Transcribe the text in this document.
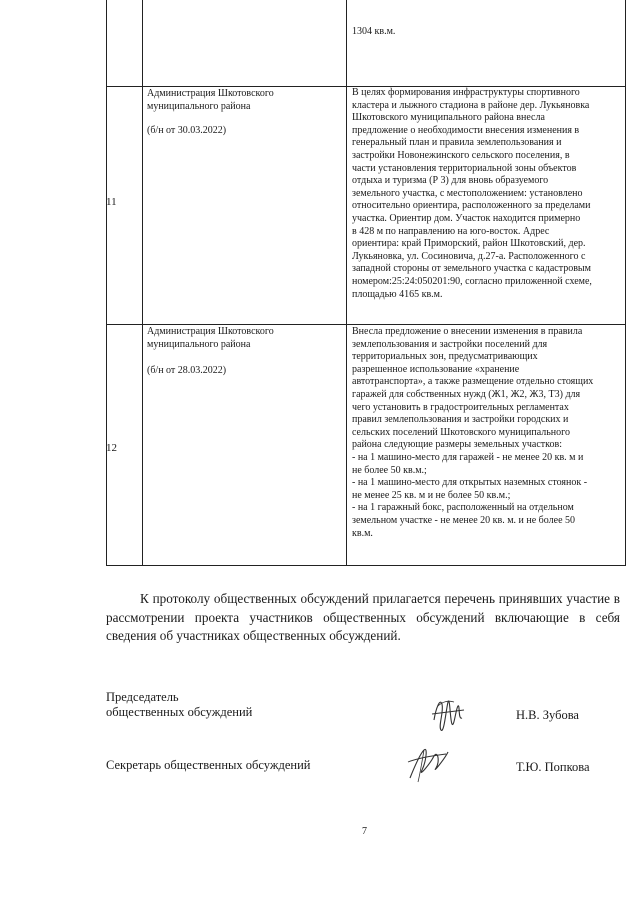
1304 кв.м.
11
Администрация Шкотовского муниципального района
(б/н от 30.03.2022)
В целях формирования инфраструктуры спортивного
кластера и лыжного стадиона в районе дер. Лукьяновка
Шкотовского муниципального района внесла
предложение о необходимости внесения изменения в
генеральный план и правила землепользования и
застройки Новонежинского сельского поселения, в
части установления территориальной зоны объектов
отдыха и туризма (Р 3) для вновь образуемого
земельного участка, с местоположением: установлено
относительно ориентира, расположенного за пределами
участка. Ориентир дом. Участок находится примерно
в 428 м по направлению на юго-восток. Адрес
ориентира: край Приморский, район Шкотовский, дер.
Лукьяновка, ул. Сосиновича, д.27-а. Расположенного с
западной стороны от земельного участка с кадастровым
номером:25:24:050201:90, согласно приложенной схеме,
площадью 4165 кв.м.
12
Администрация Шкотовского муниципального района
(б/н от 28.03.2022)
Внесла предложение о внесении изменения в правила
землепользования и застройки поселений для
территориальных зон, предусматривающих
разрешенное использование «хранение
автотранспорта», а также размещение отдельно стоящих
гаражей для собственных нужд (Ж1, Ж2, Ж3, Т3) для
чего установить в градостроительных регламентах
правил землепользования и застройки городских и
сельских поселений Шкотовского муниципального
района следующие размеры земельных участков:
- на 1 машино-место для гаражей - не менее 20 кв. м и
не более 50 кв.м.;
- на 1 машино-место для открытых наземных стоянок -
не менее 25 кв. м и не более 50 кв.м.;
- на 1 гаражный бокс, расположенный на отдельном
земельном участке - не менее 20 кв. м. и не более 50
кв.м.
К протоколу общественных обсуждений прилагается перечень принявших участие в рассмотрении проекта участников общественных обсуждений включающие в себя сведения об участниках общественных обсуждений.
Председатель
общественных обсуждений	Н.В. Зубова
Секретарь общественных обсуждений	Т.Ю. Попкова
7
